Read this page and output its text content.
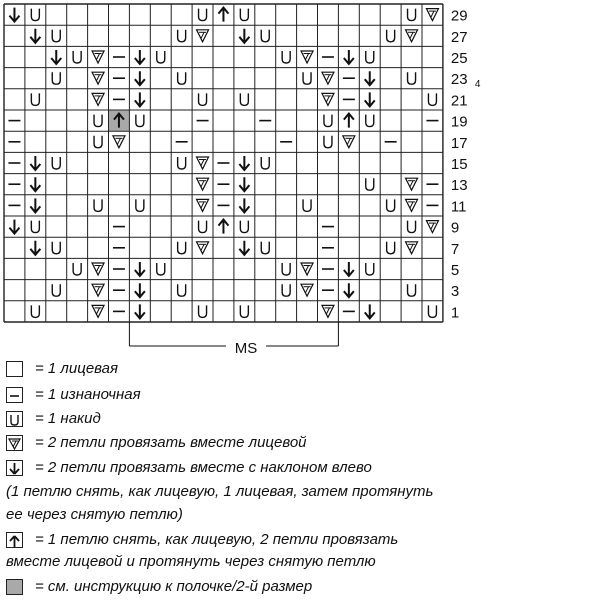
29
27
25
23
21
19
17
15
13
11
9
7
5
3
1
4
MS
= 1 лицевая
= 1 изнаночная
= 1 накид
= 2 петли провязать вместе лицевой
= 2 петли провязать вместе с наклоном влево
(1 петлю снять, как лицевую, 1 лицевая, затем протянуть
ее через снятую петлю)
= 1 петлю снять, как лицевую, 2 петли провязать
вместе лицевой и протянуть через снятую петлю
= см. инструкцию к полочке/2-й размер
